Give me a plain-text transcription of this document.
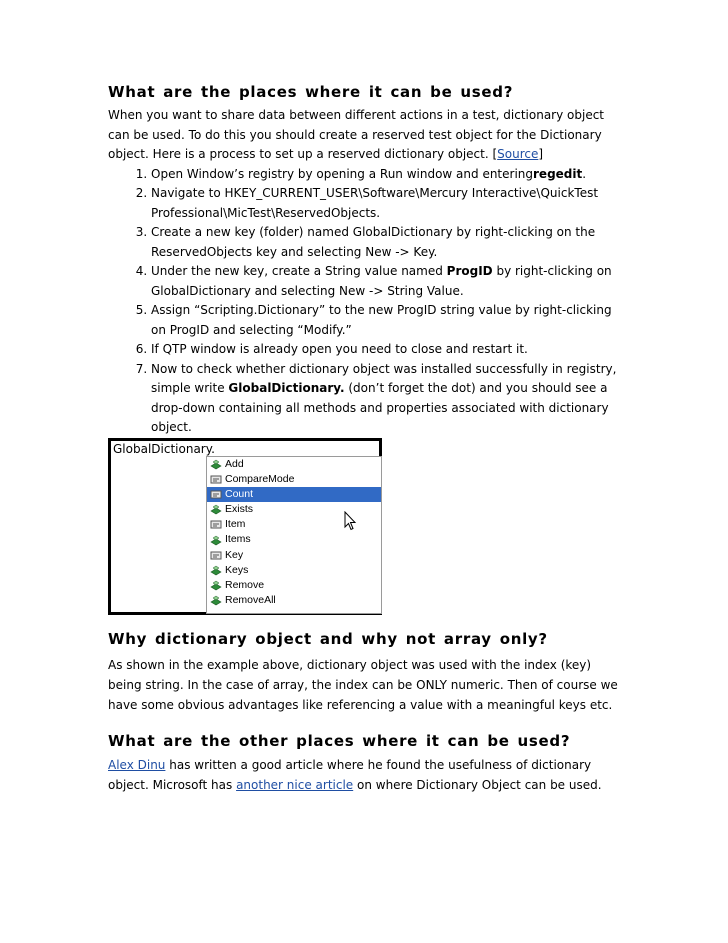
What are the places where it can be used?

When you want to share data between different actions in a test, dictionary object can be used. To do this you should create a reserved test object for the Dictionary object. Here is a process to set up a reserved dictionary object. [Source]

1. Open Window’s registry by opening a Run window and enteringregedit.
2. Navigate to HKEY_CURRENT_USER\Software\Mercury Interactive\QuickTest Professional\MicTest\ReservedObjects.
3. Create a new key (folder) named GlobalDictionary by right-clicking on the ReservedObjects key and selecting New -> Key.
4. Under the new key, create a String value named ProgID by right-clicking on GlobalDictionary and selecting New -> String Value.
5. Assign “Scripting.Dictionary” to the new ProgID string value by right-clicking on ProgID and selecting “Modify.”
6. If QTP window is already open you need to close and restart it.
7. Now to check whether dictionary object was installed successfully in registry, simple write GlobalDictionary. (don’t forget the dot) and you should see a drop-down containing all methods and properties associated with dictionary object.
GlobalDictionary.
Add
CompareMode
Count
Exists
Item
Items
Key
Keys
Remove
RemoveAll
Why dictionary object and why not array only?

As shown in the example above, dictionary object was used with the index (key) being string. In the case of array, the index can be ONLY numeric. Then of course we have some obvious advantages like referencing a value with a meaningful keys etc.

What are the other places where it can be used?

Alex Dinu has written a good article where he found the usefulness of dictionary object. Microsoft has another nice article on where Dictionary Object can be used.
